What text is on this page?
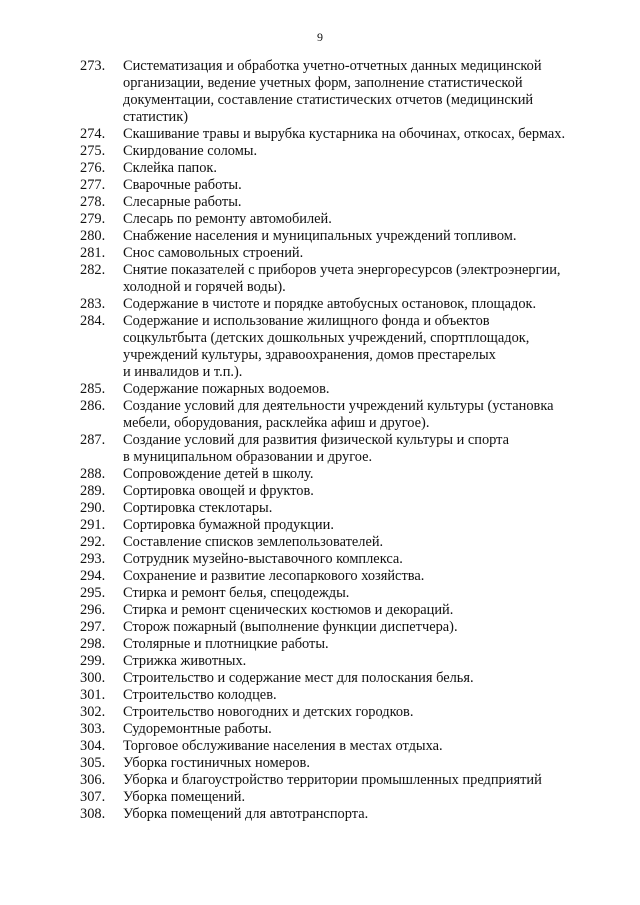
9
273.	Систематизация и обработка учетно-отчетных данных медицинской
организации, ведение учетных форм, заполнение статистической
документации, составление статистических отчетов (медицинский
статистик)
274.	Скашивание травы и вырубка кустарника на обочинах, откосах, бермах.
275.	Скирдование соломы.
276.	Склейка папок.
277.	Сварочные работы.
278.	Слесарные работы.
279.	Слесарь по ремонту автомобилей.
280.	Снабжение населения и муниципальных учреждений топливом.
281.	Снос самовольных строений.
282.	Снятие показателей с приборов учета энергоресурсов (электроэнергии,
холодной и горячей воды).
283.	Содержание в чистоте и порядке автобусных остановок, площадок.
284.	Содержание и использование жилищного фонда и объектов
соцкультбыта (детских дошкольных учреждений, спортплощадок,
учреждений культуры, здравоохранения, домов престарелых
и инвалидов и т.п.).
285.	Содержание пожарных водоемов.
286.	Создание условий для деятельности учреждений культуры (установка
мебели, оборудования, расклейка афиш и другое).
287.	Создание условий для развития физической культуры и спорта
в муниципальном образовании и другое.
288.	Сопровождение детей в школу.
289.	Сортировка овощей и фруктов.
290.	Сортировка стеклотары.
291.	Сортировка бумажной продукции.
292.	Составление списков землепользователей.
293.	Сотрудник музейно-выставочного комплекса.
294.	Сохранение и развитие лесопаркового хозяйства.
295.	Стирка и ремонт белья, спецодежды.
296.	Стирка и ремонт сценических костюмов и декораций.
297.	Сторож пожарный (выполнение функции диспетчера).
298.	Столярные и плотницкие работы.
299.	Стрижка животных.
300.	Строительство и содержание мест для полоскания белья.
301.	Строительство колодцев.
302.	Строительство новогодних и детских городков.
303.	Судоремонтные работы.
304.	Торговое обслуживание населения в местах отдыха.
305.	Уборка гостиничных номеров.
306.	Уборка и благоустройство территории промышленных предприятий
307.	Уборка помещений.
308.	Уборка помещений для автотранспорта.
